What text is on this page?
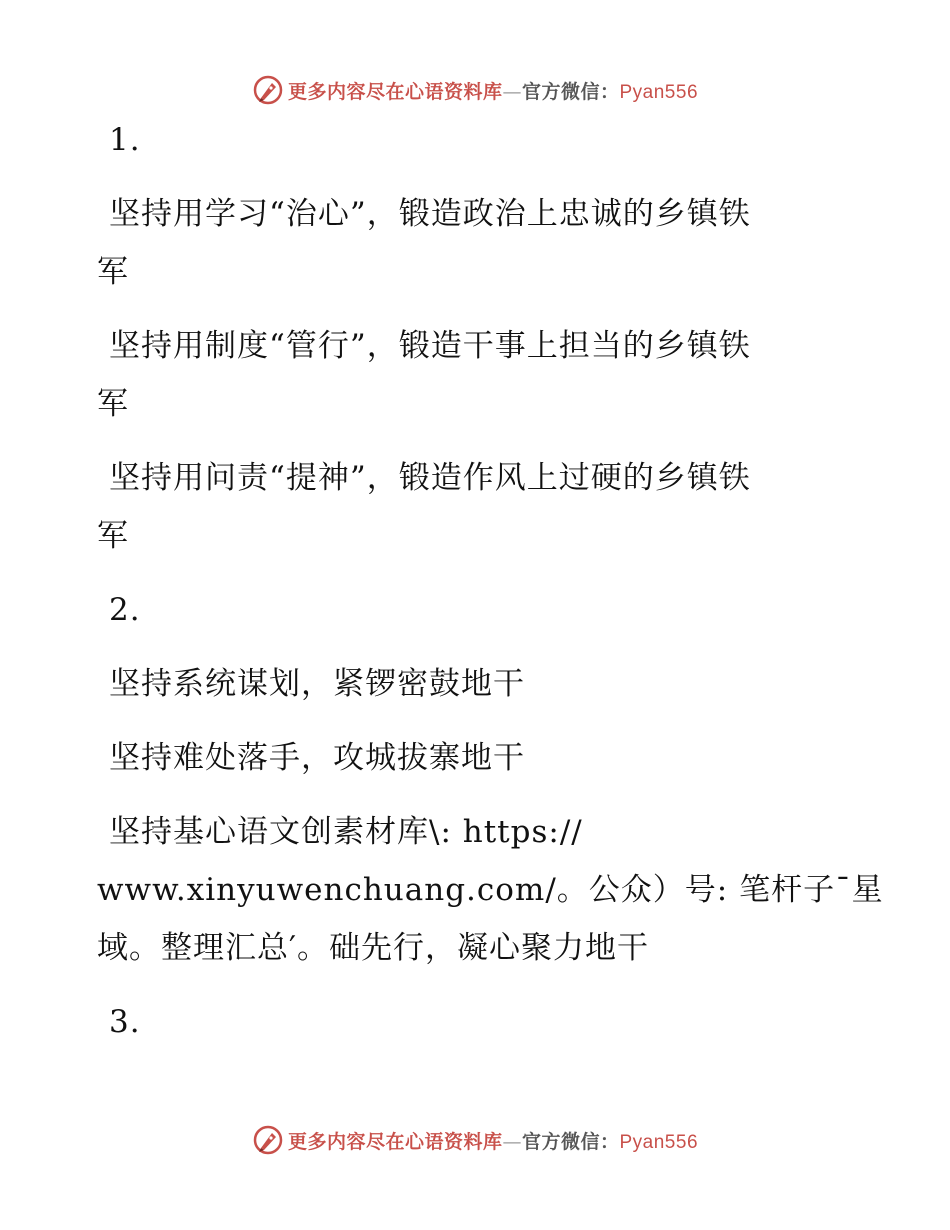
更多内容尽在心语资料库—官方微信：Pyan556
1.
坚持用学习“治心”，锻造政治上忠诚的乡镇铁
军
坚持用制度“管行”，锻造干事上担当的乡镇铁
军
坚持用问责“提神”，锻造作风上过硬的乡镇铁
军
2.
坚持系统谋划，紧锣密鼓地干
坚持难处落手，攻城拔寨地干
坚持基心语文创素材库\: https://
www.xinyuwenchuang.com/。公众）号: 笔杆子¯星
域。整理汇总′。础先行，凝心聚力地干
3.
更多内容尽在心语资料库—官方微信：Pyan556
